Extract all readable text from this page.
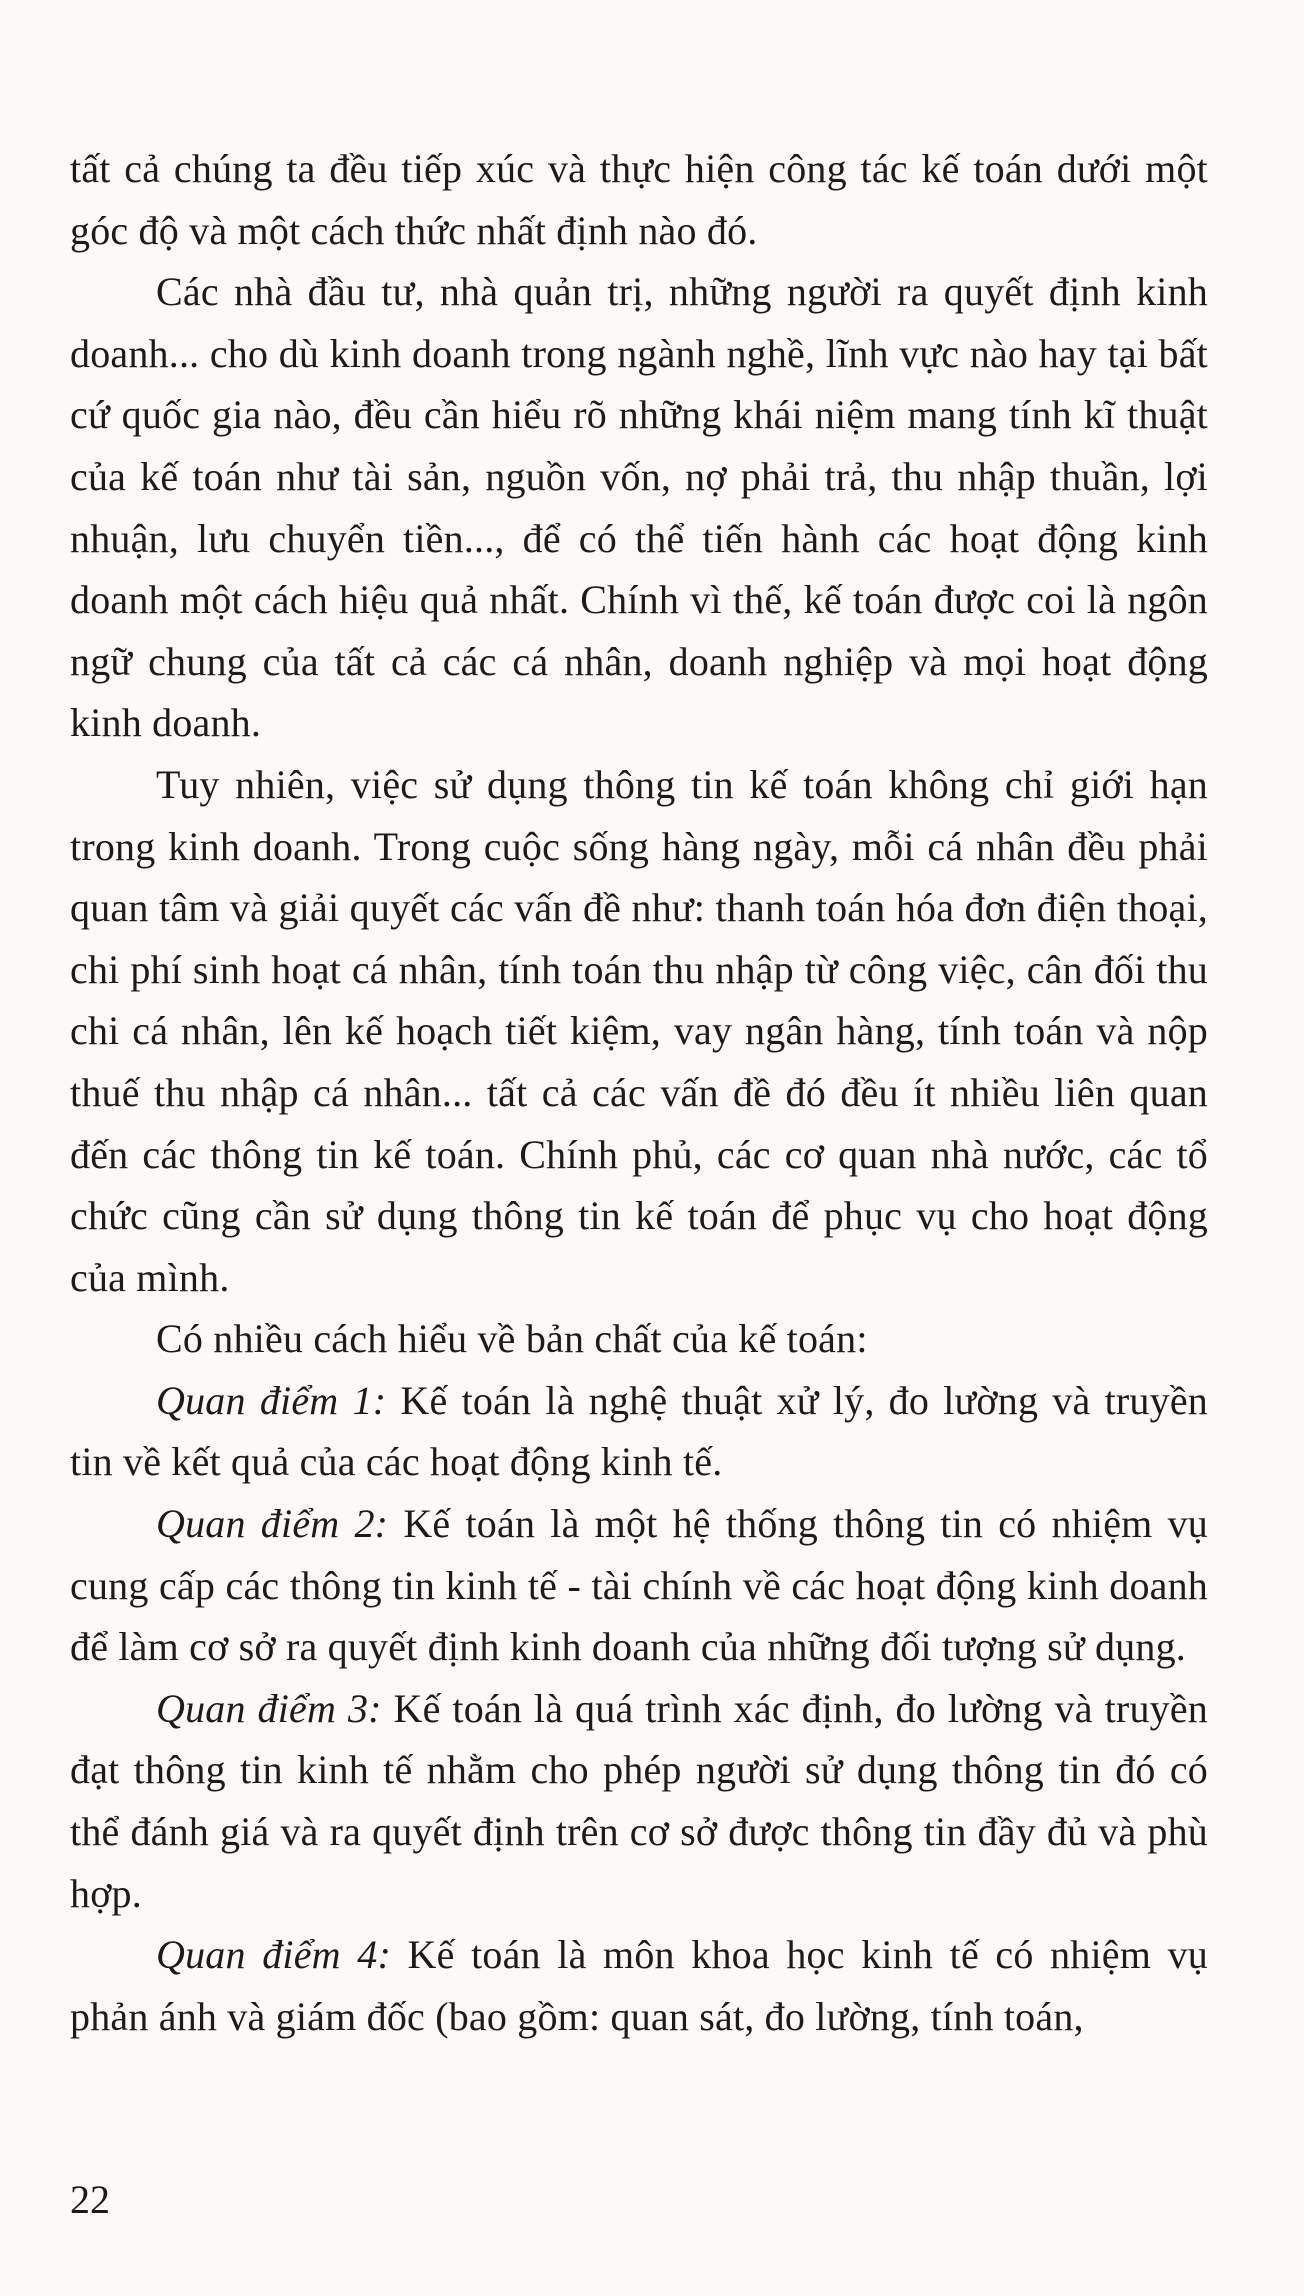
tất cả chúng ta đều tiếp xúc và thực hiện công tác kế toán dưới một góc độ và một cách thức nhất định nào đó.

Các nhà đầu tư, nhà quản trị, những người ra quyết định kinh doanh... cho dù kinh doanh trong ngành nghề, lĩnh vực nào hay tại bất cứ quốc gia nào, đều cần hiểu rõ những khái niệm mang tính kĩ thuật của kế toán như tài sản, nguồn vốn, nợ phải trả, thu nhập thuần, lợi nhuận, lưu chuyển tiền..., để có thể tiến hành các hoạt động kinh doanh một cách hiệu quả nhất. Chính vì thế, kế toán được coi là ngôn ngữ chung của tất cả các cá nhân, doanh nghiệp và mọi hoạt động kinh doanh.

Tuy nhiên, việc sử dụng thông tin kế toán không chỉ giới hạn trong kinh doanh. Trong cuộc sống hàng ngày, mỗi cá nhân đều phải quan tâm và giải quyết các vấn đề như: thanh toán hóa đơn điện thoại, chi phí sinh hoạt cá nhân, tính toán thu nhập từ công việc, cân đối thu chi cá nhân, lên kế hoạch tiết kiệm, vay ngân hàng, tính toán và nộp thuế thu nhập cá nhân... tất cả các vấn đề đó đều ít nhiều liên quan đến các thông tin kế toán. Chính phủ, các cơ quan nhà nước, các tổ chức cũng cần sử dụng thông tin kế toán để phục vụ cho hoạt động của mình.

Có nhiều cách hiểu về bản chất của kế toán:

Quan điểm 1: Kế toán là nghệ thuật xử lý, đo lường và truyền tin về kết quả của các hoạt động kinh tế.

Quan điểm 2: Kế toán là một hệ thống thông tin có nhiệm vụ cung cấp các thông tin kinh tế - tài chính về các hoạt động kinh doanh để làm cơ sở ra quyết định kinh doanh của những đối tượng sử dụng.

Quan điểm 3: Kế toán là quá trình xác định, đo lường và truyền đạt thông tin kinh tế nhằm cho phép người sử dụng thông tin đó có thể đánh giá và ra quyết định trên cơ sở được thông tin đầy đủ và phù hợp.

Quan điểm 4: Kế toán là môn khoa học kinh tế có nhiệm vụ phản ánh và giám đốc (bao gồm: quan sát, đo lường, tính toán,

22
